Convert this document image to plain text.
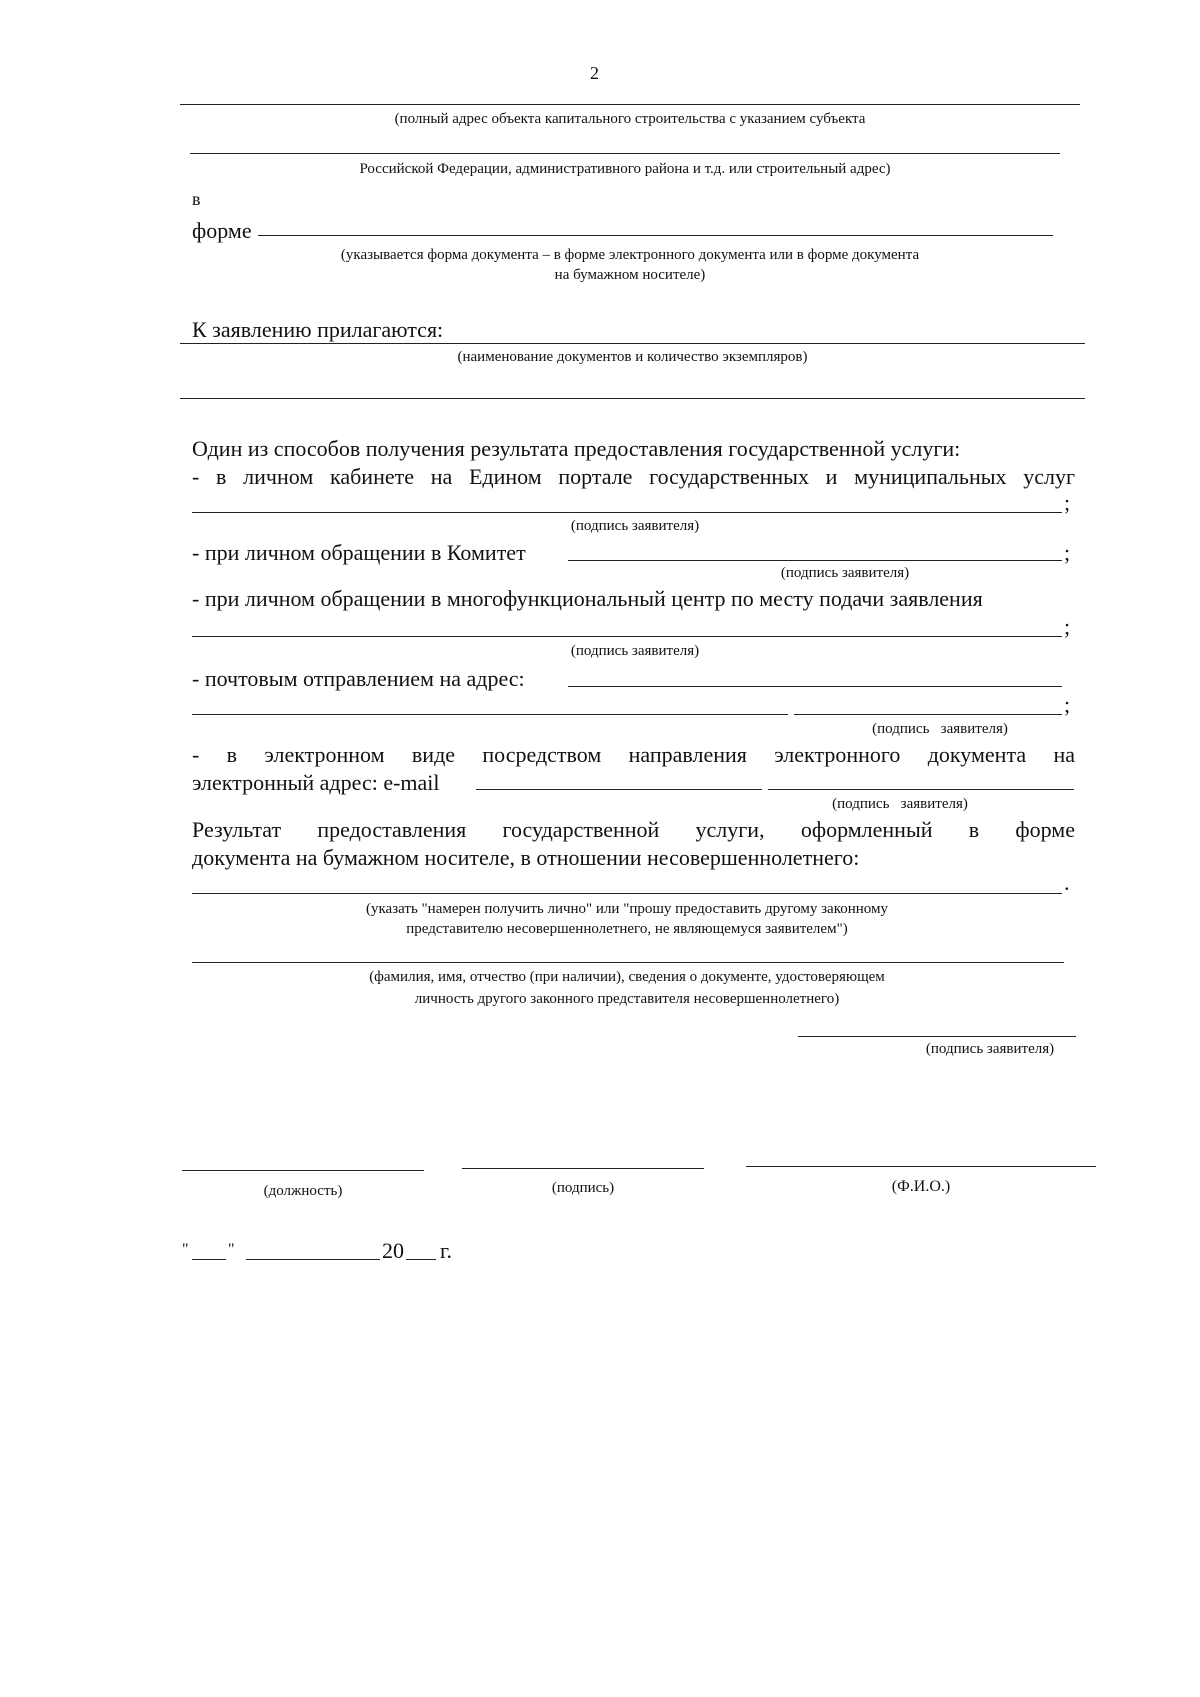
2
(полный адрес объекта капитального строительства с указанием субъекта
Российской Федерации, административного района и т.д. или строительный адрес)
в
форме
(указывается форма документа – в форме электронного документа или в форме документа
на бумажном носителе)
К заявлению прилагаются:
(наименование документов и количество экземпляров)
Один из способов получения результата предоставления государственной услуги:
- в личном кабинете на Едином портале государственных и муниципальных услуг
;
(подпись заявителя)
- при личном обращении в Комитет	;
(подпись заявителя)
- при личном обращении в многофункциональный центр по месту подачи заявления
;
(подпись заявителя)
- почтовым отправлением на адрес:
;
(подпись   заявителя)
- в электронном виде посредством направления электронного документа на
электронный адрес: e-mail
(подпись   заявителя)
Результат предоставления государственной услуги, оформленный в форме
документа на бумажном носителе, в отношении несовершеннолетнего:
.
(указать "намерен получить лично" или "прошу предоставить другому законному
представителю несовершеннолетнего, не являющемуся заявителем")
(фамилия, имя, отчество (при наличии), сведения о документе, удостоверяющем
личность другого законного представителя несовершеннолетнего)
(подпись заявителя)
(должность)	(подпись)	(Ф.И.О.)
" "	20 г.
